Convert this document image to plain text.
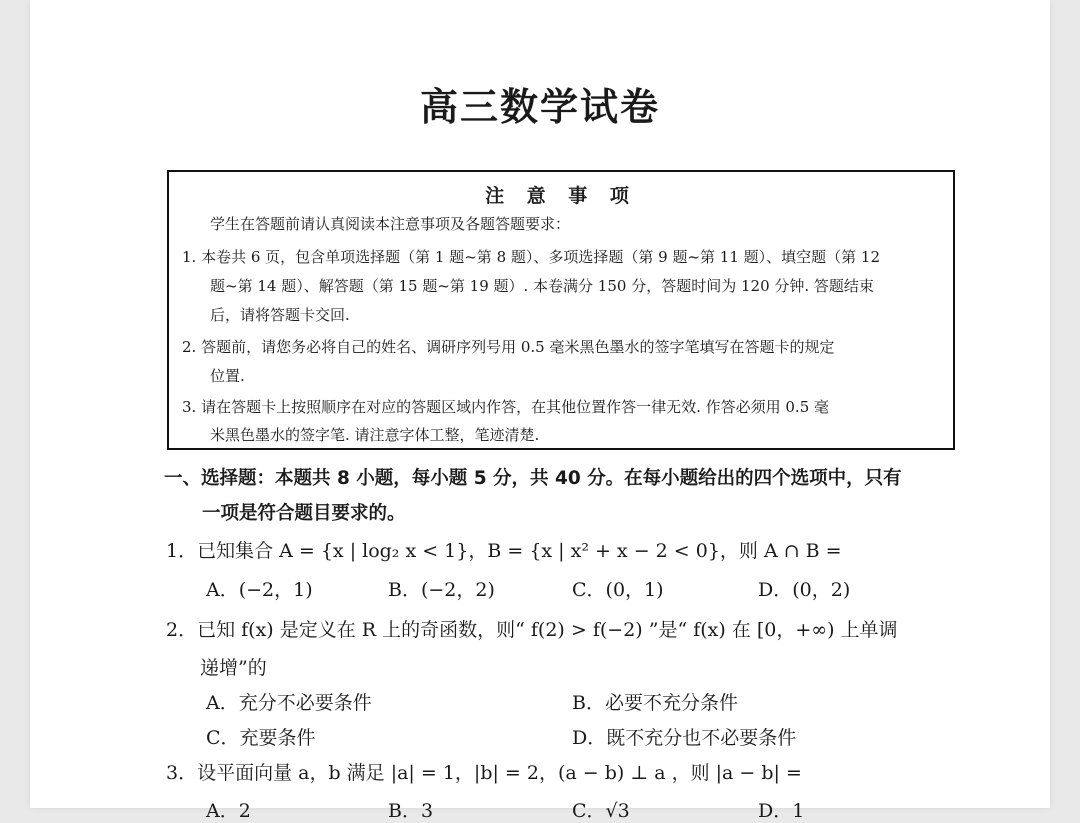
高三数学试卷
注 意 事 项
学生在答题前请认真阅读本注意事项及各题答题要求：
1. 本卷共 6 页，包含单项选择题（第 1 题~第 8 题）、多项选择题（第 9 题~第 11 题）、填空题（第 12
题~第 14 题）、解答题（第 15 题~第 19 题）. 本卷满分 150 分，答题时间为 120 分钟. 答题结束
后，请将答题卡交回.
2. 答题前，请您务必将自己的姓名、调研序列号用 0.5 毫米黑色墨水的签字笔填写在答题卡的规定
位置.
3. 请在答题卡上按照顺序在对应的答题区域内作答，在其他位置作答一律无效. 作答必须用 0.5 毫
米黑色墨水的签字笔. 请注意字体工整，笔迹清楚.
一、选择题：本题共 8 小题，每小题 5 分，共 40 分。在每小题给出的四个选项中，只有
一项是符合题目要求的。
1．已知集合 A = {x | log₂ x < 1}，B = {x | x² + x − 2 < 0}，则 A ∩ B =
A．(−2，1)	B．(−2，2)	C．(0，1)	D．(0，2)
2．已知 f(x) 是定义在 R 上的奇函数，则“ f(2) > f(−2) ”是“ f(x) 在 [0，+∞) 上单调
递增”的
A．充分不必要条件	B．必要不充分条件
C．充要条件	D．既不充分也不必要条件
3．设平面向量 a，b 满足 |a| = 1，|b| = 2，(a − b) ⊥ a ，则 |a − b| =
A．2	B．3	C．√3	D．1
